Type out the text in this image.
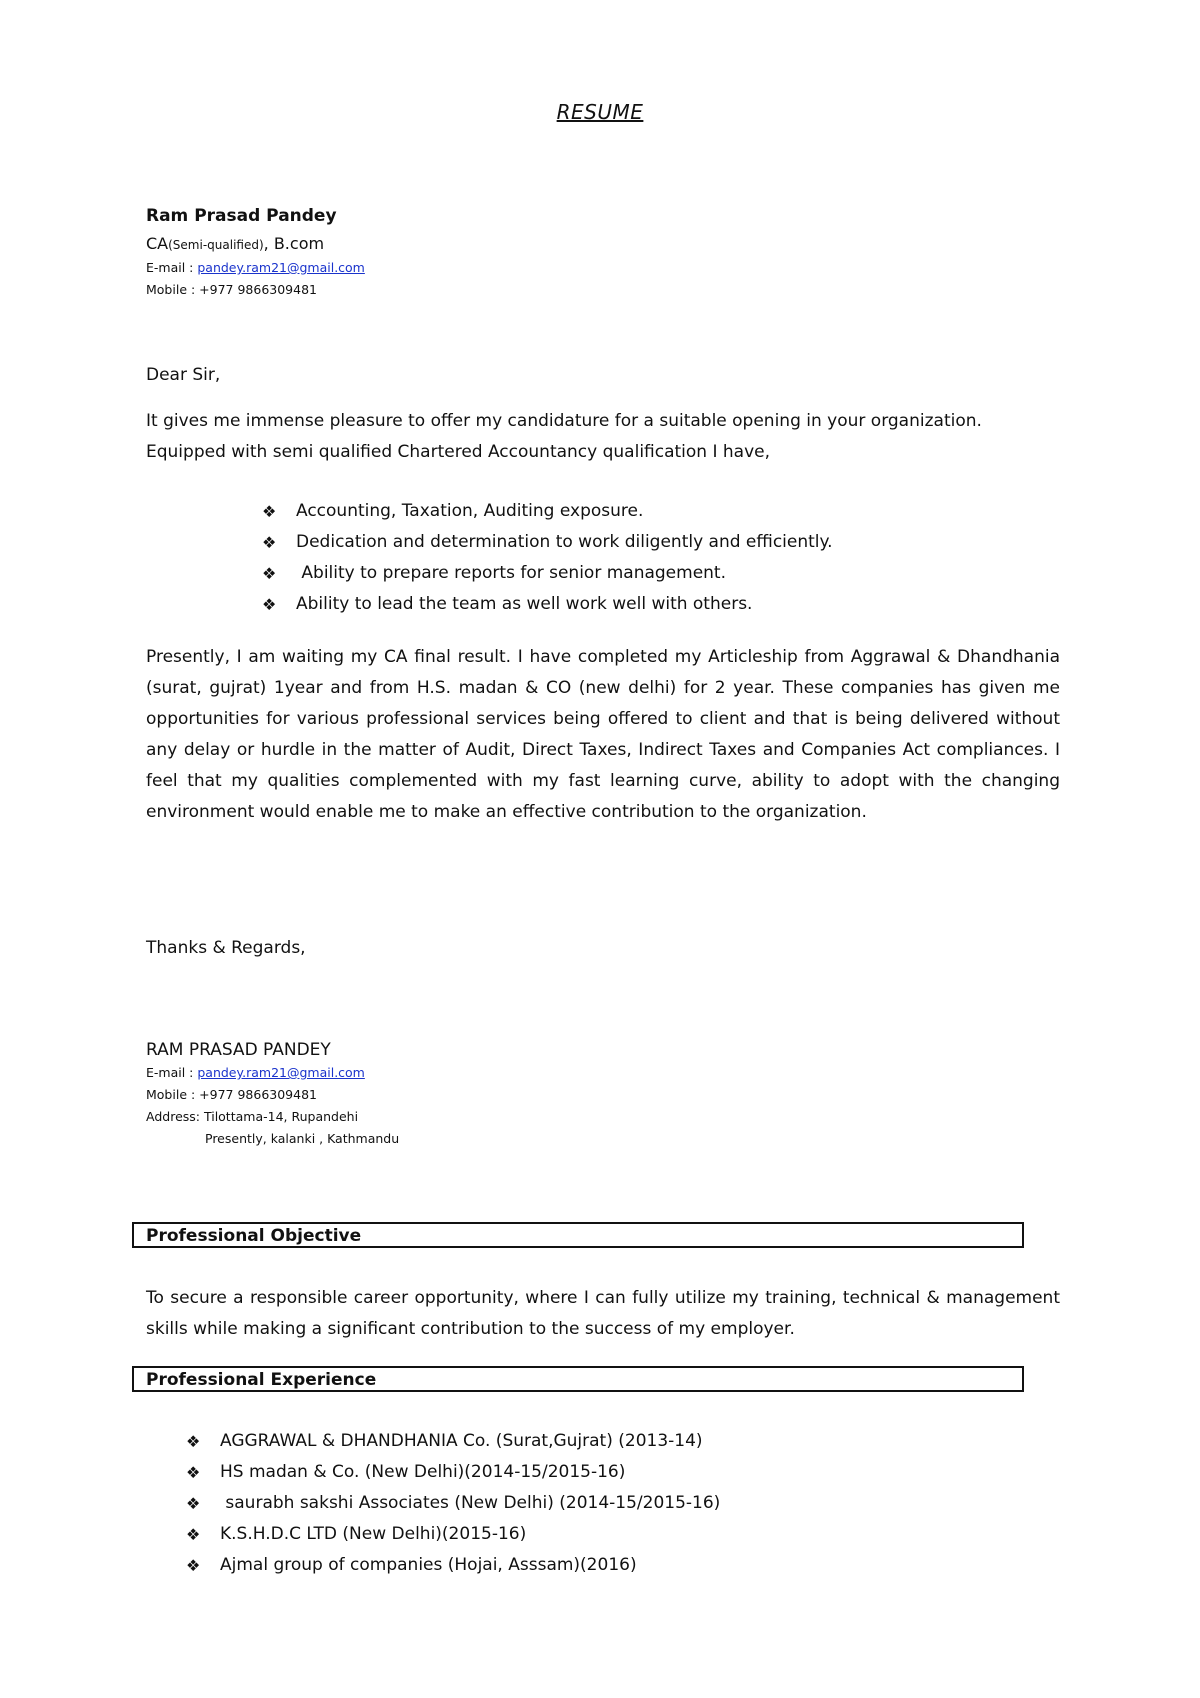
RESUME
Ram Prasad Pandey
CA(Semi-qualified), B.com
E-mail : pandey.ram21@gmail.com
Mobile : +977 9866309481
Dear Sir,
It gives me immense pleasure to offer my candidature for a suitable opening in your organization.
Equipped with semi qualified Chartered Accountancy qualification I have,
❖	Accounting, Taxation, Auditing exposure.
❖	Dedication and determination to work diligently and efficiently.
❖	Ability to prepare reports for senior management.
❖	Ability to lead the team as well work well with others.
Presently, I am waiting my CA final result. I have completed my Articleship from Aggrawal & Dhandhania (surat, gujrat) 1year and from H.S. madan & CO (new delhi) for 2 year. These companies has given me opportunities for various professional services being offered to client and that is being delivered without any delay or hurdle in the matter of Audit, Direct Taxes, Indirect Taxes and Companies Act compliances. I feel that my qualities complemented with my fast learning curve, ability to adopt with the changing environment would enable me to make an effective contribution to the organization.
Thanks & Regards,
RAM PRASAD PANDEY
E-mail : pandey.ram21@gmail.com
Mobile : +977 9866309481
Address: Tilottama-14, Rupandehi
Presently, kalanki , Kathmandu
Professional Objective
To secure a responsible career opportunity, where I can fully utilize my training, technical & management skills while making a significant contribution to the success of my employer.
Professional Experience
❖	AGGRAWAL & DHANDHANIA Co. (Surat,Gujrat) (2013-14)
❖	HS madan & Co. (New Delhi)(2014-15/2015-16)
❖	saurabh sakshi Associates (New Delhi) (2014-15/2015-16)
❖	K.S.H.D.C LTD (New Delhi)(2015-16)
❖	Ajmal group of companies (Hojai, Asssam)(2016)
